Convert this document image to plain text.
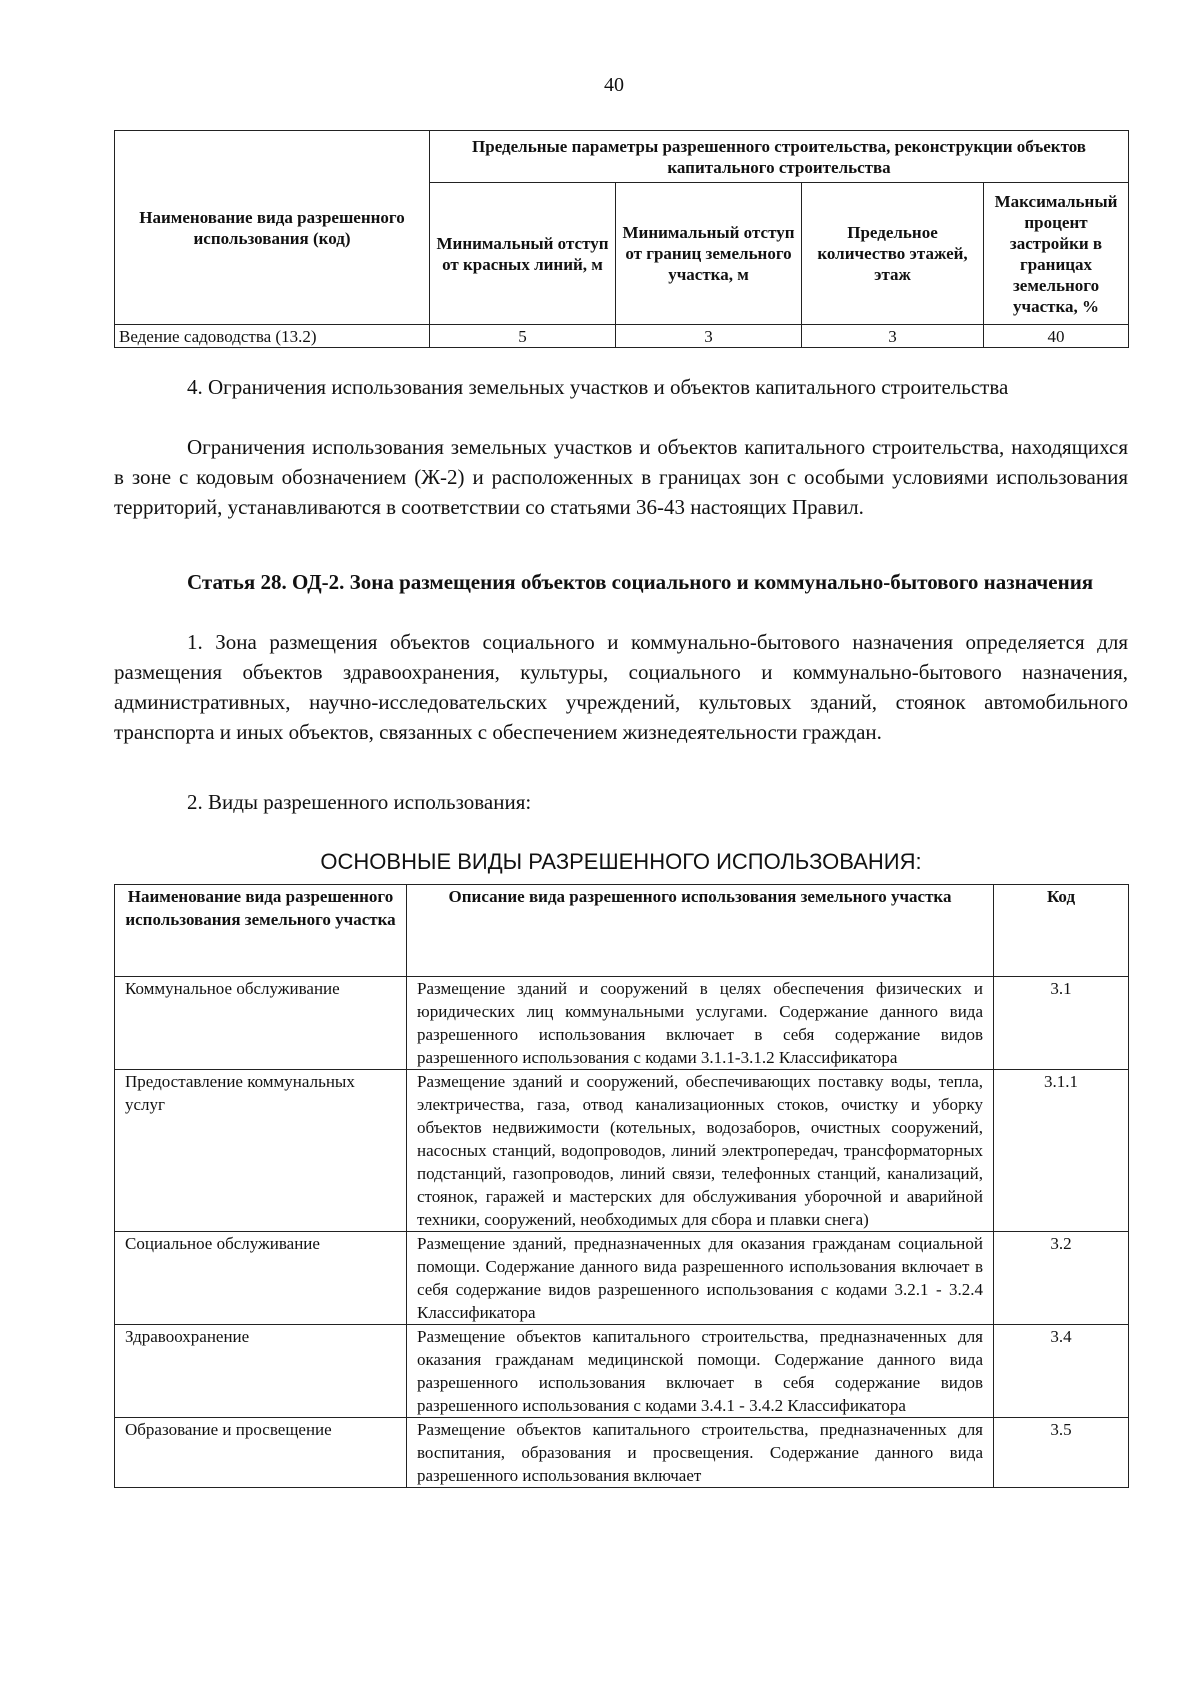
40
Наименование вида разрешенного использования (код)	Предельные параметры разрешенного строительства, реконструкции объектов капитального строительства			
	Минимальный отступ от красных линий, м	Минимальный отступ от границ земельного участка, м	Предельное количество этажей, этаж	Максимальный процент застройки в границах земельного участка, %
Ведение садоводства (13.2)	5	3	3	40

4. Ограничения использования земельных участков и объектов капитального строительства

Ограничения использования земельных участков и объектов капитального строительства, находящихся в зоне с кодовым обозначением (Ж-2) и расположенных в границах зон с особыми условиями использования территорий, устанавливаются в соответствии со статьями 36-43 настоящих Правил.

Статья 28. ОД-2. Зона размещения объектов социального и коммунально-бытового назначения

1. Зона размещения объектов социального и коммунально-бытового назначения определяется для размещения объектов здравоохранения, культуры, социального и коммунально-бытового назначения, административных, научно-исследовательских учреждений, культовых зданий, стоянок автомобильного транспорта и иных объектов, связанных с обеспечением жизнедеятельности граждан.

2. Виды разрешенного использования:

ОСНОВНЫЕ ВИДЫ РАЗРЕШЕННОГО ИСПОЛЬЗОВАНИЯ:
Наименование вида разрешенного использования земельного участка	Описание вида разрешенного использования земельного участка	Код
Коммунальное обслуживание	Размещение зданий и сооружений в целях обеспечения физических и юридических лиц коммунальными услугами. Содержание данного вида разрешенного использования включает в себя содержание видов разрешенного использования с кодами 3.1.1-3.1.2 Классификатора	3.1
Предоставление коммунальных услуг	Размещение зданий и сооружений, обеспечивающих поставку воды, тепла, электричества, газа, отвод канализационных стоков, очистку и уборку объектов недвижимости (котельных, водозаборов, очистных сооружений, насосных станций, водопроводов, линий электропередач, трансформаторных подстанций, газопроводов, линий связи, телефонных станций, канализаций, стоянок, гаражей и мастерских для обслуживания уборочной и аварийной техники, сооружений, необходимых для сбора и плавки снега)	3.1.1
Социальное обслуживание	Размещение зданий, предназначенных для оказания гражданам социальной помощи. Содержание данного вида разрешенного использования включает в себя содержание видов разрешенного использования с кодами 3.2.1 - 3.2.4 Классификатора	3.2
Здравоохранение	Размещение объектов капитального строительства, предназначенных для оказания гражданам медицинской помощи. Содержание данного вида разрешенного использования включает в себя содержание видов разрешенного использования с кодами 3.4.1 - 3.4.2 Классификатора	3.4
Образование и просвещение	Размещение объектов капитального строительства, предназначенных для воспитания, образования и просвещения. Содержание данного вида разрешенного использования включает	3.5
